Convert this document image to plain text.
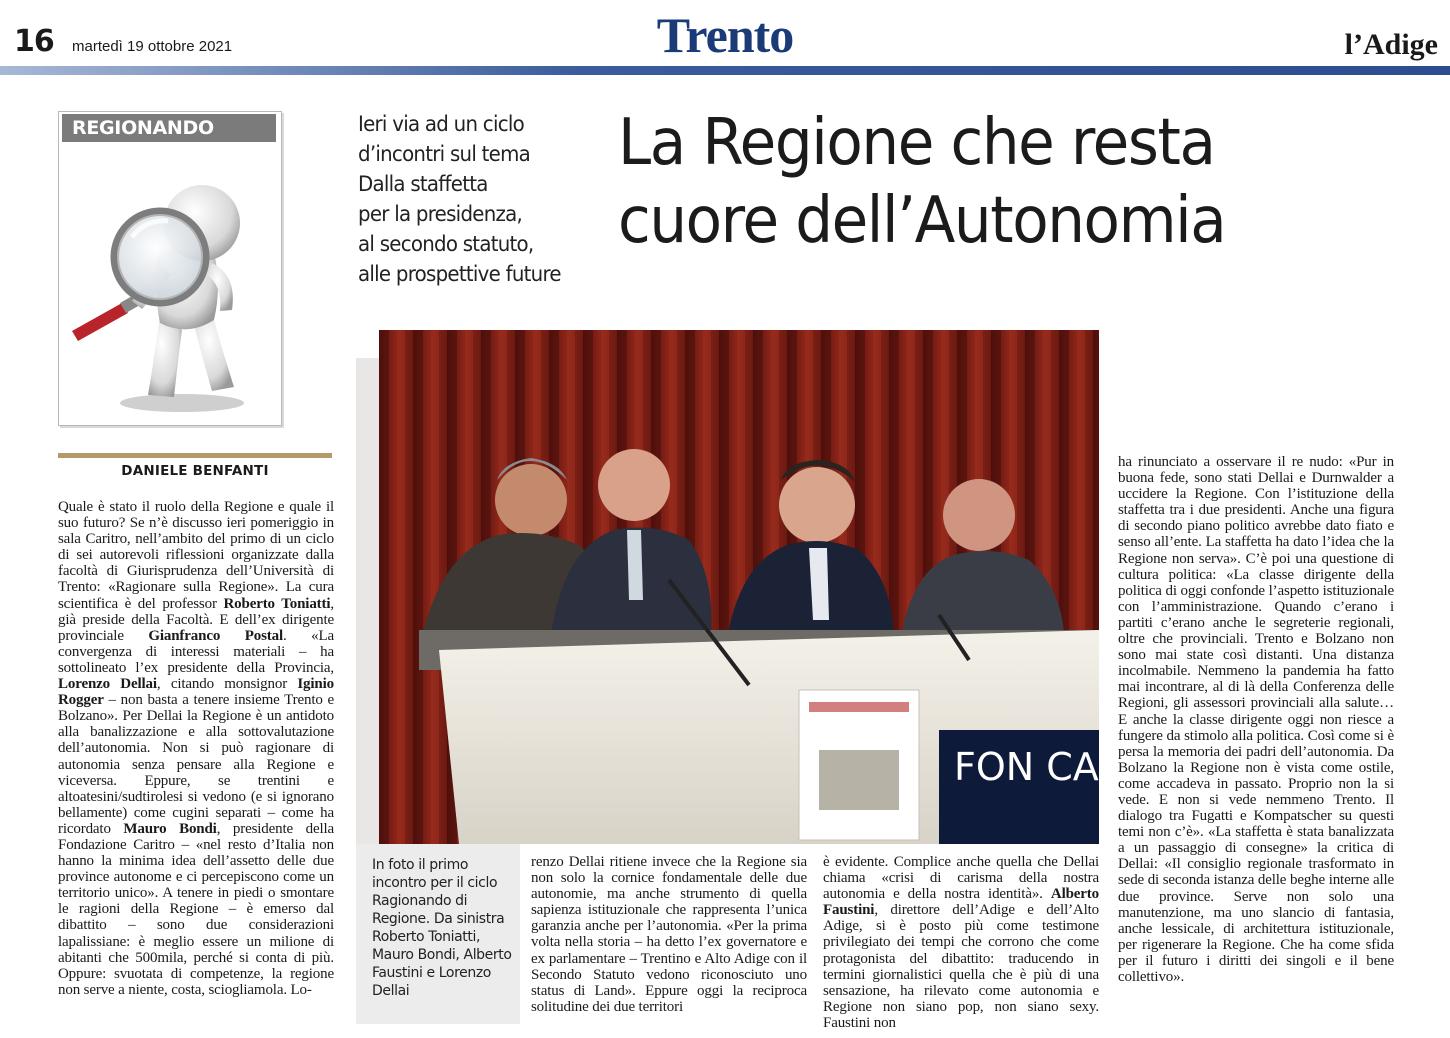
16 martedì 19 ottobre 2021	Trento	l’Adige
REGIONANDO	Ieri via ad un ciclo
d’incontri sul tema
Dalla staffetta
per la presidenza,
al secondo statuto,
alle prospettive future
La Regione che resta
cuore dell’Autonomia
FON CA
In foto il primo incontro per il ciclo Ragionando di Regione. Da sinistra Roberto Toniatti, Mauro Bondi, Alberto Faustini e Lorenzo Dellai
DANIELE BENFANTI
Quale è stato il ruolo della Regione e quale il suo futuro? Se n’è discusso ieri pomeriggio in sala Caritro, nell’ambito del primo di un ciclo di sei autorevoli riflessioni organizzate dalla facoltà di Giurisprudenza dell’Università di Trento: «Ragionare sulla Regione». La cura scientifica è del professor Roberto Toniatti, già preside della Facoltà. E dell’ex dirigente provinciale Gianfranco Postal. «La convergenza di interessi materiali – ha sottolineato l’ex presidente della Provincia, Lorenzo Dellai, citando monsignor Iginio Rogger – non basta a tenere insieme Trento e Bolzano». Per Dellai la Regione è un antidoto alla banalizzazione e alla sottovalutazione dell’autonomia. Non si può ragionare di autonomia senza pensare alla Regione e viceversa. Eppure, se trentini e altoatesini/sudtirolesi si vedono (e si ignorano bellamente) come cugini separati – come ha ricordato Mauro Bondi, presidente della Fondazione Caritro – «nel resto d’Italia non hanno la minima idea dell’assetto delle due province autonome e ci percepiscono come un territorio unico». A tenere in piedi o smontare le ragioni della Regione – è emerso dal dibattito – sono due considerazioni lapalissiane: è meglio essere un milione di abitanti che 500mila, perché si conta di più. Oppure: svuotata di competenze, la regione non serve a niente, costa, sciogliamola. Lo-
renzo Dellai ritiene invece che la Regione sia non solo la cornice fondamentale delle due autonomie, ma anche strumento di quella sapienza istituzionale che rappresenta l’unica garanzia anche per l’autonomia. «Per la prima volta nella storia – ha detto l’ex governatore e ex parlamentare – Trentino e Alto Adige con il Secondo Statuto vedono riconosciuto uno status di Land». Eppure oggi la reciproca solitudine dei due territori
è evidente. Complice anche quella che Dellai chiama «crisi di carisma della nostra autonomia e della nostra identità». Alberto Faustini, direttore dell’Adige e dell’Alto Adige, si è posto più come testimone privilegiato dei tempi che corrono che come protagonista del dibattito: traducendo in termini giornalistici quella che è più di una sensazione, ha rilevato come autonomia e Regione non siano pop, non siano sexy. Faustini non
ha rinunciato a osservare il re nudo: «Pur in buona fede, sono stati Dellai e Durnwalder a uccidere la Regione. Con l’istituzione della staffetta tra i due presidenti. Anche una figura di secondo piano politico avrebbe dato fiato e senso all’ente. La staffetta ha dato l’idea che la Regione non serva». C’è poi una questione di cultura politica: «La classe dirigente della politica di oggi confonde l’aspetto istituzionale con l’amministrazione. Quando c’erano i partiti c’erano anche le segreterie regionali, oltre che provinciali. Trento e Bolzano non sono mai state così distanti. Una distanza incolmabile. Nemmeno la pandemia ha fatto mai incontrare, al di là della Conferenza delle Regioni, gli assessori provinciali alla salute… E anche la classe dirigente oggi non riesce a fungere da stimolo alla politica. Così come si è persa la memoria dei padri dell’autonomia. Da Bolzano la Regione non è vista come ostile, come accadeva in passato. Proprio non la si vede. E non si vede nemmeno Trento. Il dialogo tra Fugatti e Kompatscher su questi temi non c’è». «La staffetta è stata banalizzata a un passaggio di consegne» la critica di Dellai: «Il consiglio regionale trasformato in sede di seconda istanza delle beghe interne alle due province. Serve non solo una manutenzione, ma uno slancio di fantasia, anche lessicale, di architettura istituzionale, per rigenerare la Regione. Che ha come sfida per il futuro i diritti dei singoli e il bene collettivo».
